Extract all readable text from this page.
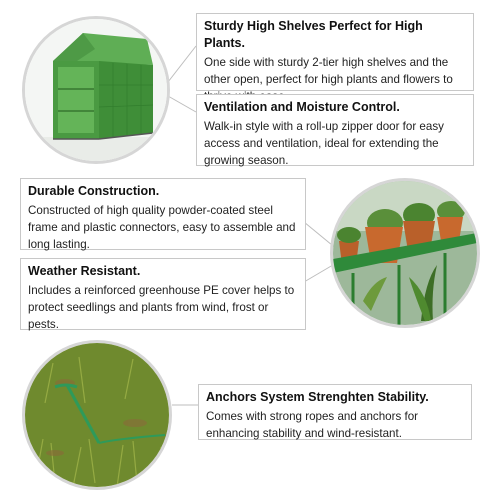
Sturdy High Shelves Perfect for High Plants.

One side with sturdy 2-tier high shelves and the other open, perfect for high plants and flowers to

Ventilation and Moisture Control.

Walk-in style with a roll-up zipper door for easy access and ventilation, ideal for extending the growing season.

Durable Construction.

Constructed of high quality powder-coated steel frame and plastic connectors, easy to assemble and long lasting.

Weather Resistant.

Includes a reinforced greenhouse PE cover helps to protect seedlings and plants from wind, frost or pests.

Anchors System Strenghten Stability.

Comes with strong ropes and anchors for enhancing stability and wind-resistant.
